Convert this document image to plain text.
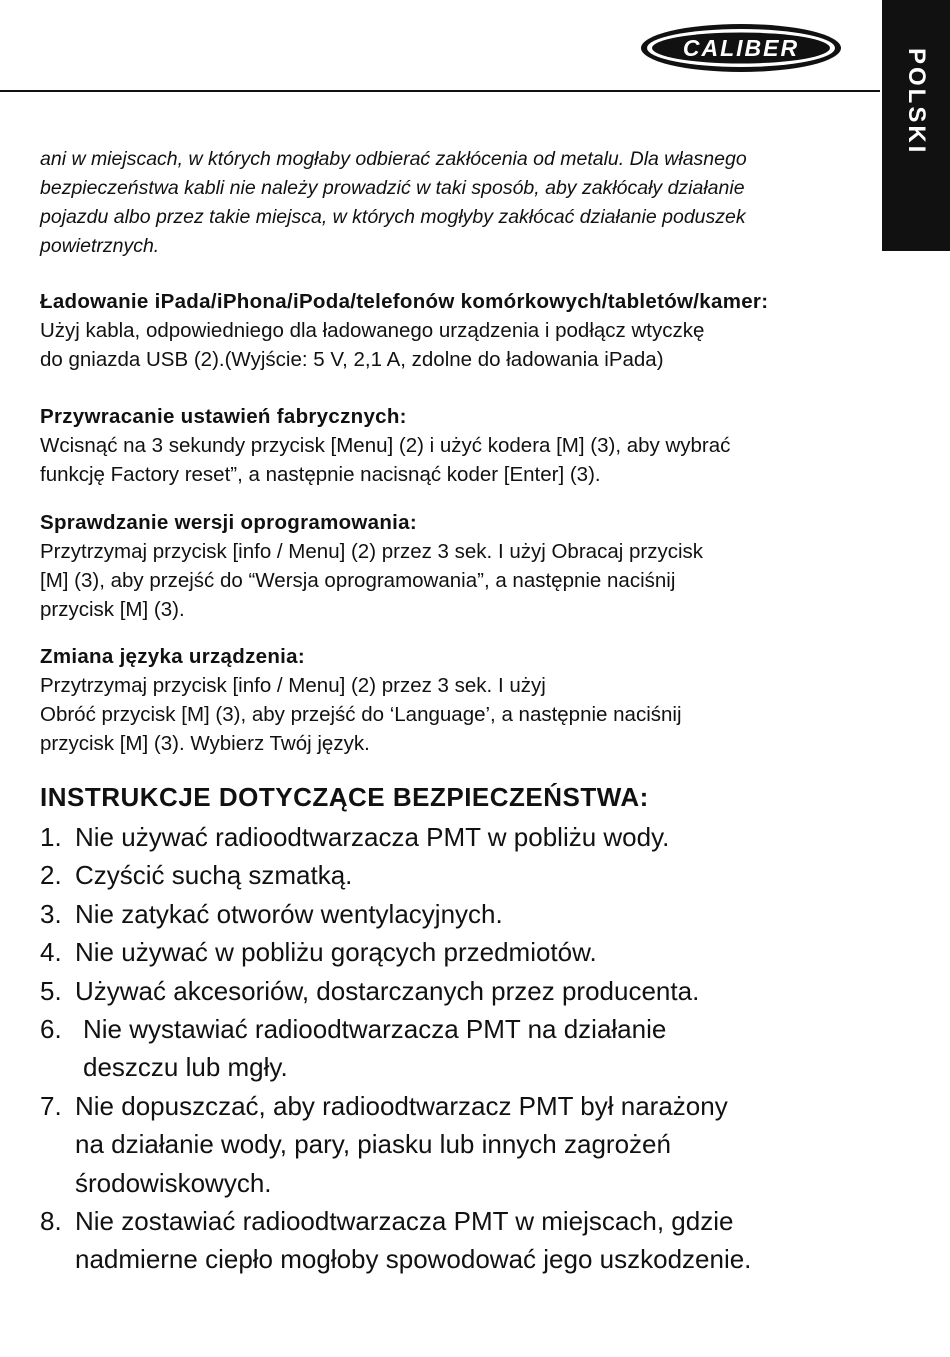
CALIBER	POLSKI
ani w miejscach, w których mogłaby odbierać zakłócenia od metalu. Dla własnego
bezpieczeństwa kabli nie należy prowadzić w taki sposób, aby zakłócały działanie
pojazdu albo przez takie miejsca, w których mogłyby zakłócać działanie poduszek
powietrznych.
Ładowanie iPada/iPhona/iPoda/telefonów komórkowych/tabletów/kamer:

Użyj kabla, odpowiedniego dla ładowanego urządzenia i podłącz wtyczkę

do gniazda USB (2).(Wyjście: 5 V, 2,1 A, zdolne do ładowania iPada)

Przywracanie ustawień fabrycznych:

Wcisnąć na 3 sekundy przycisk [Menu] (2) i użyć kodera [M] (3), aby wybrać

funkcję Factory reset”, a następnie nacisnąć koder [Enter] (3).

Sprawdzanie wersji oprogramowania:

Przytrzymaj przycisk [info / Menu] (2) przez 3 sek. I użyj Obracaj przycisk

[M] (3), aby przejść do “Wersja oprogramowania”, a następnie naciśnij

przycisk [M] (3).

Zmiana języka urządzenia:

Przytrzymaj przycisk [info / Menu] (2) przez 3 sek. I użyj

Obróć przycisk [M] (3), aby przejść do ‘Language’, a następnie naciśnij

przycisk [M] (3). Wybierz Twój język.

INSTRUKCJE DOTYCZĄCE BEZPIECZEŃSTWA:
1. Nie używać radioodtwarzacza PMT w pobliżu wody.
2. Czyścić suchą szmatką.
3. Nie zatykać otworów wentylacyjnych.
4. Nie używać w pobliżu gorących przedmiotów.
5. Używać akcesoriów, dostarczanych przez producenta.
6. Nie wystawiać radioodtwarzacza PMT na działanie
deszczu lub mgły.
7. Nie dopuszczać, aby radioodtwarzacz PMT był narażony
na działanie wody, pary, piasku lub innych zagrożeń
środowiskowych.
8. Nie zostawiać radioodtwarzacza PMT w miejscach, gdzie
nadmierne ciepło mogłoby spowodować jego uszkodzenie.
